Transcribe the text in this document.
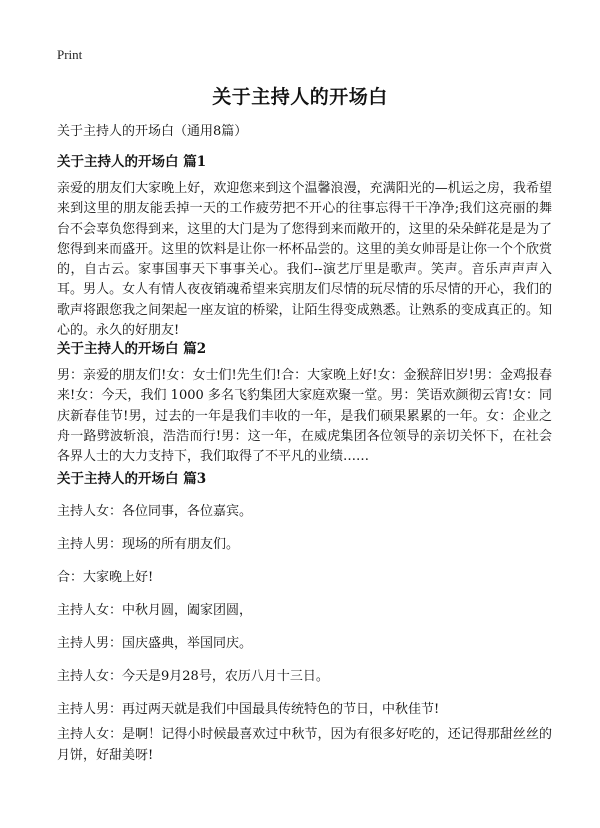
Print
关于主持人的开场白

关于主持人的开场白（通用8篇）

关于主持人的开场白 篇1

亲爱的朋友们大家晚上好，欢迎您来到这个温馨浪漫，充满阳光的—机运之房，我希望来到这里的朋友能丢掉一天的工作疲劳把不开心的往事忘得干干净净;我们这亮丽的舞台不会辜负您得到来，这里的大门是为了您得到来而敞开的，这里的朵朵鲜花是是为了您得到来而盛开。这里的饮料是让你一杯杯品尝的。这里的美女帅哥是让你一个个欣赏的，自古云。家事国事天下事事关心。我们--演艺厅里是歌声。笑声。音乐声声声入耳。男人。女人有情人夜夜销魂希望来宾朋友们尽情的玩尽情的乐尽情的开心，我们的歌声将跟您我之间架起一座友谊的桥梁，让陌生得变成熟悉。让熟系的变成真正的。知心的。永久的好朋友!

关于主持人的开场白 篇2

男：亲爱的朋友们!女：女士们!先生们!合：大家晚上好!女：金猴辞旧岁!男：金鸡报春来!女：今天，我们 1000 多名飞豹集团大家庭欢聚一堂。男：笑语欢颜彻云宵!女：同庆新春佳节!男，过去的一年是我们丰收的一年，是我们硕果累累的一年。女：企业之舟一路劈波斩浪，浩浩而行!男：这一年，在威虎集团各位领导的亲切关怀下，在社会各界人士的大力支持下，我们取得了不平凡的业绩……

关于主持人的开场白 篇3

主持人女：各位同事，各位嘉宾。

主持人男：现场的所有朋友们。

合：大家晚上好!

主持人女：中秋月圆，阖家团圆，

主持人男：国庆盛典，举国同庆。

主持人女：今天是9月28号，农历八月十三日。

主持人男：再过两天就是我们中国最具传统特色的节日，中秋佳节!

主持人女：是啊！记得小时候最喜欢过中秋节，因为有很多好吃的，还记得那甜丝丝的月饼，好甜美呀!
